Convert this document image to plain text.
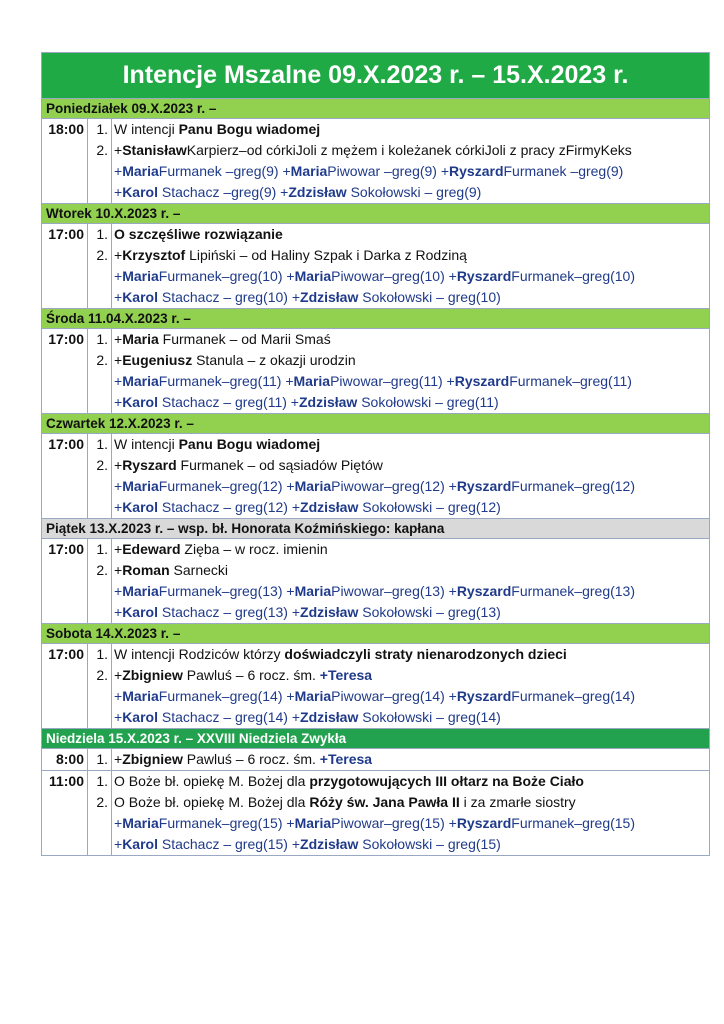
Intencje Mszalne 09.X.2023 r. – 15.X.2023 r.
Poniedziałek 09.X.2023 r. –
18:00 1. W intencji Panu Bogu wiadomej
2. +StanisławKarpierz–od córkiJoli z mężem i koleżanek córkiJoli z pracy zFirmyKeks
+MariaFurmanek –greg(9) +MariaPiwowar –greg(9) +RyszardFurmanek –greg(9)
+Karol Stachacz –greg(9) +Zdzisław Sokołowski – greg(9)
Wtorek 10.X.2023 r. –
17:00 1. O szczęśliwe rozwiązanie
2. +Krzysztof Lipiński – od Haliny Szpak i Darka z Rodziną
+MariaFurmanek–greg(10) +MariaPiwowar–greg(10) +RyszardFurmanek–greg(10)
+Karol Stachacz – greg(10) +Zdzisław Sokołowski – greg(10)
Środa 11.04.X.2023 r. –
17:00 1. +Maria Furmanek – od Marii Smaś
2. +Eugeniusz Stanula – z okazji urodzin
+MariaFurmanek–greg(11) +MariaPiwowar–greg(11) +RyszardFurmanek–greg(11)
+Karol Stachacz – greg(11) +Zdzisław Sokołowski – greg(11)
Czwartek 12.X.2023 r. –
17:00 1. W intencji Panu Bogu wiadomej
2. +Ryszard Furmanek – od sąsiadów Piętów
+MariaFurmanek–greg(12) +MariaPiwowar–greg(12) +RyszardFurmanek–greg(12)
+Karol Stachacz – greg(12) +Zdzisław Sokołowski – greg(12)
Piątek 13.X.2023 r. – wsp. bł. Honorata Koźmińskiego: kapłana
17:00 1. +Edeward Zięba – w rocz. imienin
2. +Roman Sarnecki
+MariaFurmanek–greg(13) +MariaPiwowar–greg(13) +RyszardFurmanek–greg(13)
+Karol Stachacz – greg(13) +Zdzisław Sokołowski – greg(13)
Sobota 14.X.2023 r. –
17:00 1. W intencji Rodziców którzy doświadczyli straty nienarodzonych dzieci
2. +Zbigniew Pawluś – 6 rocz. śm. +Teresa
+MariaFurmanek–greg(14) +MariaPiwowar–greg(14) +RyszardFurmanek–greg(14)
+Karol Stachacz – greg(14) +Zdzisław Sokołowski – greg(14)
Niedziela 15.X.2023 r. – XXVIII Niedziela Zwykła
8:00 1. +Zbigniew Pawluś – 6 rocz. śm. +Teresa
11:00 1. O Boże bł. opiekę M. Bożej dla przygotowujących III ołtarz na Boże Ciało
2. O Boże bł. opiekę M. Bożej dla Róży św. Jana Pawła II i za zmarłe siostry
+MariaFurmanek–greg(15) +MariaPiwowar–greg(15) +RyszardFurmanek–greg(15)
+Karol Stachacz – greg(15) +Zdzisław Sokołowski – greg(15)
